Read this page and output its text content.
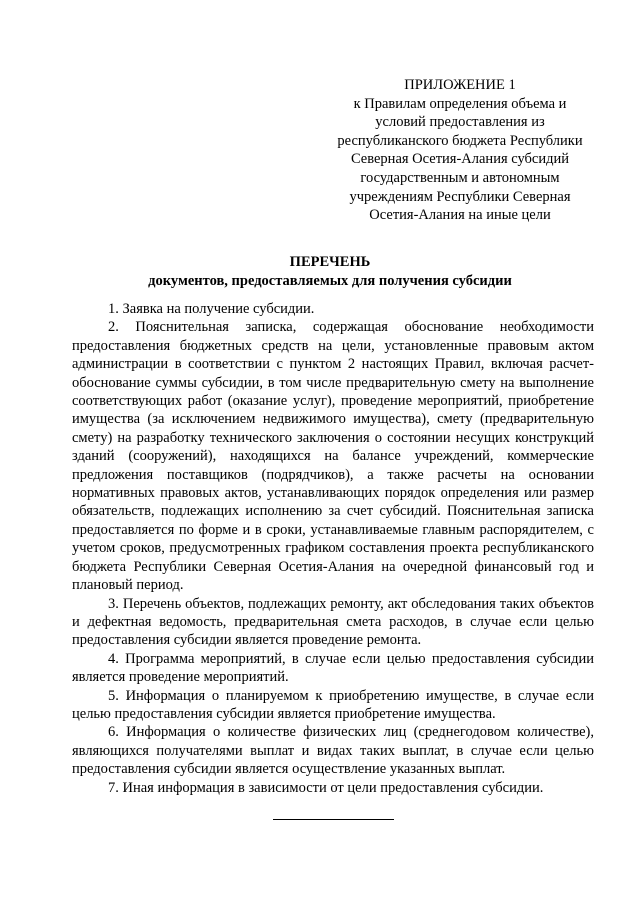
ПРИЛОЖЕНИЕ 1
к Правилам определения объема и
условий предоставления из
республиканского бюджета Республики
Северная Осетия-Алания субсидий
государственным и автономным
учреждениям Республики Северная
Осетия-Алания на иные цели
ПЕРЕЧЕНЬ
документов, предоставляемых для получения субсидии

1. Заявка на получение субсидии.

2. Пояснительная записка, содержащая обоснование необходимости предоставления бюджетных средств на цели, установленные правовым актом администрации в соответствии с пунктом 2 настоящих Правил, включая расчет-обоснование суммы субсидии, в том числе предварительную смету на выполнение соответствующих работ (оказание услуг), проведение мероприятий, приобретение имущества (за исключением недвижимого имущества), смету (предварительную смету) на разработку технического заключения о состоянии несущих конструкций зданий (сооружений), находящихся на балансе учреждений, коммерческие предложения поставщиков (подрядчиков), а также расчеты на основании нормативных правовых актов, устанавливающих порядок определения или размер обязательств, подлежащих исполнению за счет субсидий. Пояснительная записка предоставляется по форме и в сроки, устанавливаемые главным распорядителем, с учетом сроков, предусмотренных графиком составления проекта республиканского бюджета Республики Северная Осетия-Алания на очередной финансовый год и плановый период.

3. Перечень объектов, подлежащих ремонту, акт обследования таких объектов и дефектная ведомость, предварительная смета расходов, в случае если целью предоставления субсидии является проведение ремонта.

4. Программа мероприятий, в случае если целью предоставления субсидии является проведение мероприятий.

5. Информация о планируемом к приобретению имуществе, в случае если целью предоставления субсидии является приобретение имущества.

6. Информация о количестве физических лиц (среднегодовом количестве), являющихся получателями выплат и видах таких выплат, в случае если целью предоставления субсидии является осуществление указанных выплат.

7. Иная информация в зависимости от цели предоставления субсидии.
